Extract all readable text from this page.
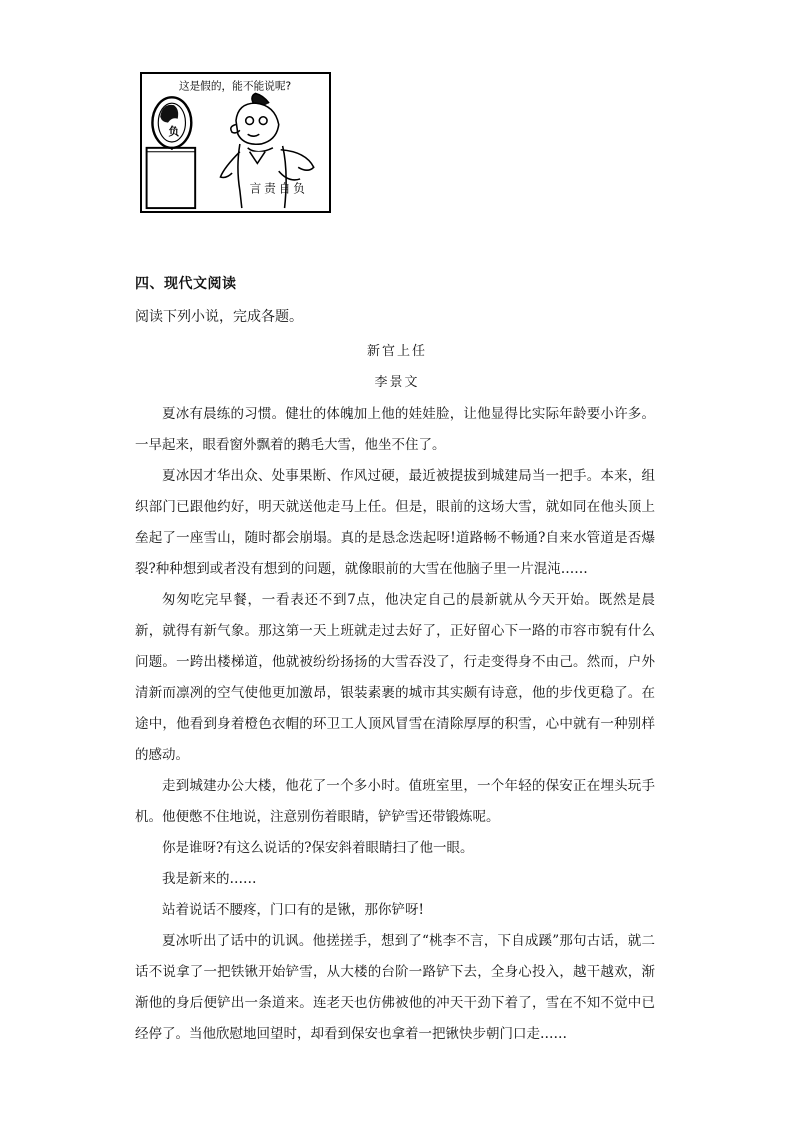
这是假的，能不能说呢?
负
言责自负
四、现代文阅读
阅读下列小说，完成各题。
新官上任
李景文

夏冰有晨练的习惯。健壮的体魄加上他的娃娃脸，让他显得比实际年龄要小许多。一早起来，眼看窗外飘着的鹅毛大雪，他坐不住了。

夏冰因才华出众、处事果断、作风过硬，最近被提拔到城建局当一把手。本来，组织部门已跟他约好，明天就送他走马上任。但是，眼前的这场大雪，就如同在他头顶上垒起了一座雪山，随时都会崩塌。真的是恳念迭起呀!道路畅不畅通?自来水管道是否爆裂?种种想到或者没有想到的问题，就像眼前的大雪在他脑子里一片混沌……

匆匆吃完早餐，一看表还不到7点，他决定自己的晨新就从今天开始。既然是晨新，就得有新气象。那这第一天上班就走过去好了，正好留心下一路的市容市貌有什么问题。一跨出楼梯道，他就被纷纷扬扬的大雪吞没了，行走变得身不由己。然而，户外清新而凛冽的空气使他更加激昂，银装素裹的城市其实颇有诗意，他的步伐更稳了。在途中，他看到身着橙色衣帽的环卫工人顶风冒雪在清除厚厚的积雪，心中就有一种别样的感动。

走到城建办公大楼，他花了一个多小时。值班室里，一个年轻的保安正在埋头玩手机。他便憋不住地说，注意别伤着眼睛，铲铲雪还带锻炼呢。

你是谁呀?有这么说话的?保安斜着眼睛扫了他一眼。

我是新来的……

站着说话不腰疼，门口有的是锹，那你铲呀!

夏冰听出了话中的讥讽。他搓搓手，想到了“桃李不言，下自成蹊”那句古话，就二话不说拿了一把铁锹开始铲雪，从大楼的台阶一路铲下去，全身心投入，越干越欢，渐渐他的身后便铲出一条道来。连老天也仿佛被他的冲天干劲下着了，雪在不知不觉中已经停了。当他欣慰地回望时，却看到保安也拿着一把锹快步朝门口走……
